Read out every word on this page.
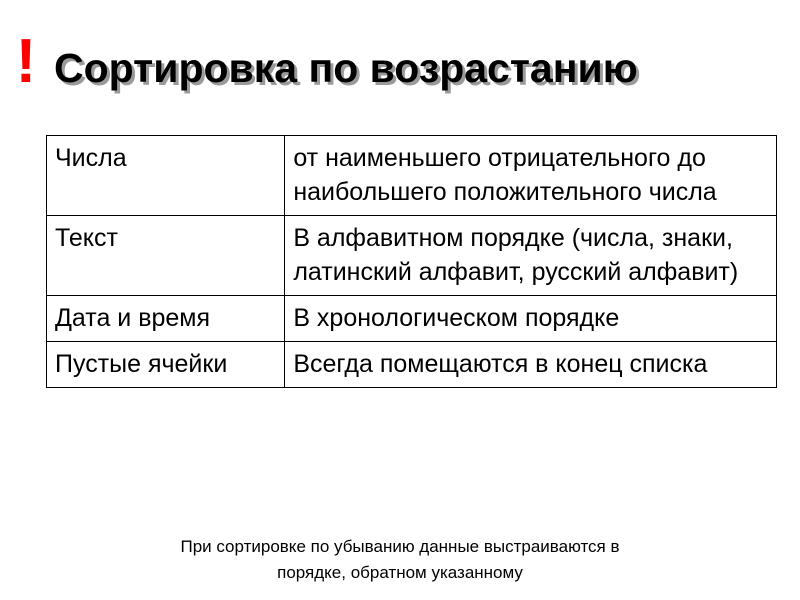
! Сортировка по возрастанию
Числа	от наименьшего отрицательного до наибольшего положительного числа
Текст	В алфавитном порядке (числа, знаки, латинский алфавит, русский алфавит)
Дата и время	В хронологическом порядке
Пустые ячейки	Всегда помещаются в конец списка
При сортировке по убыванию данные выстраиваются в
порядке, обратном указанному
